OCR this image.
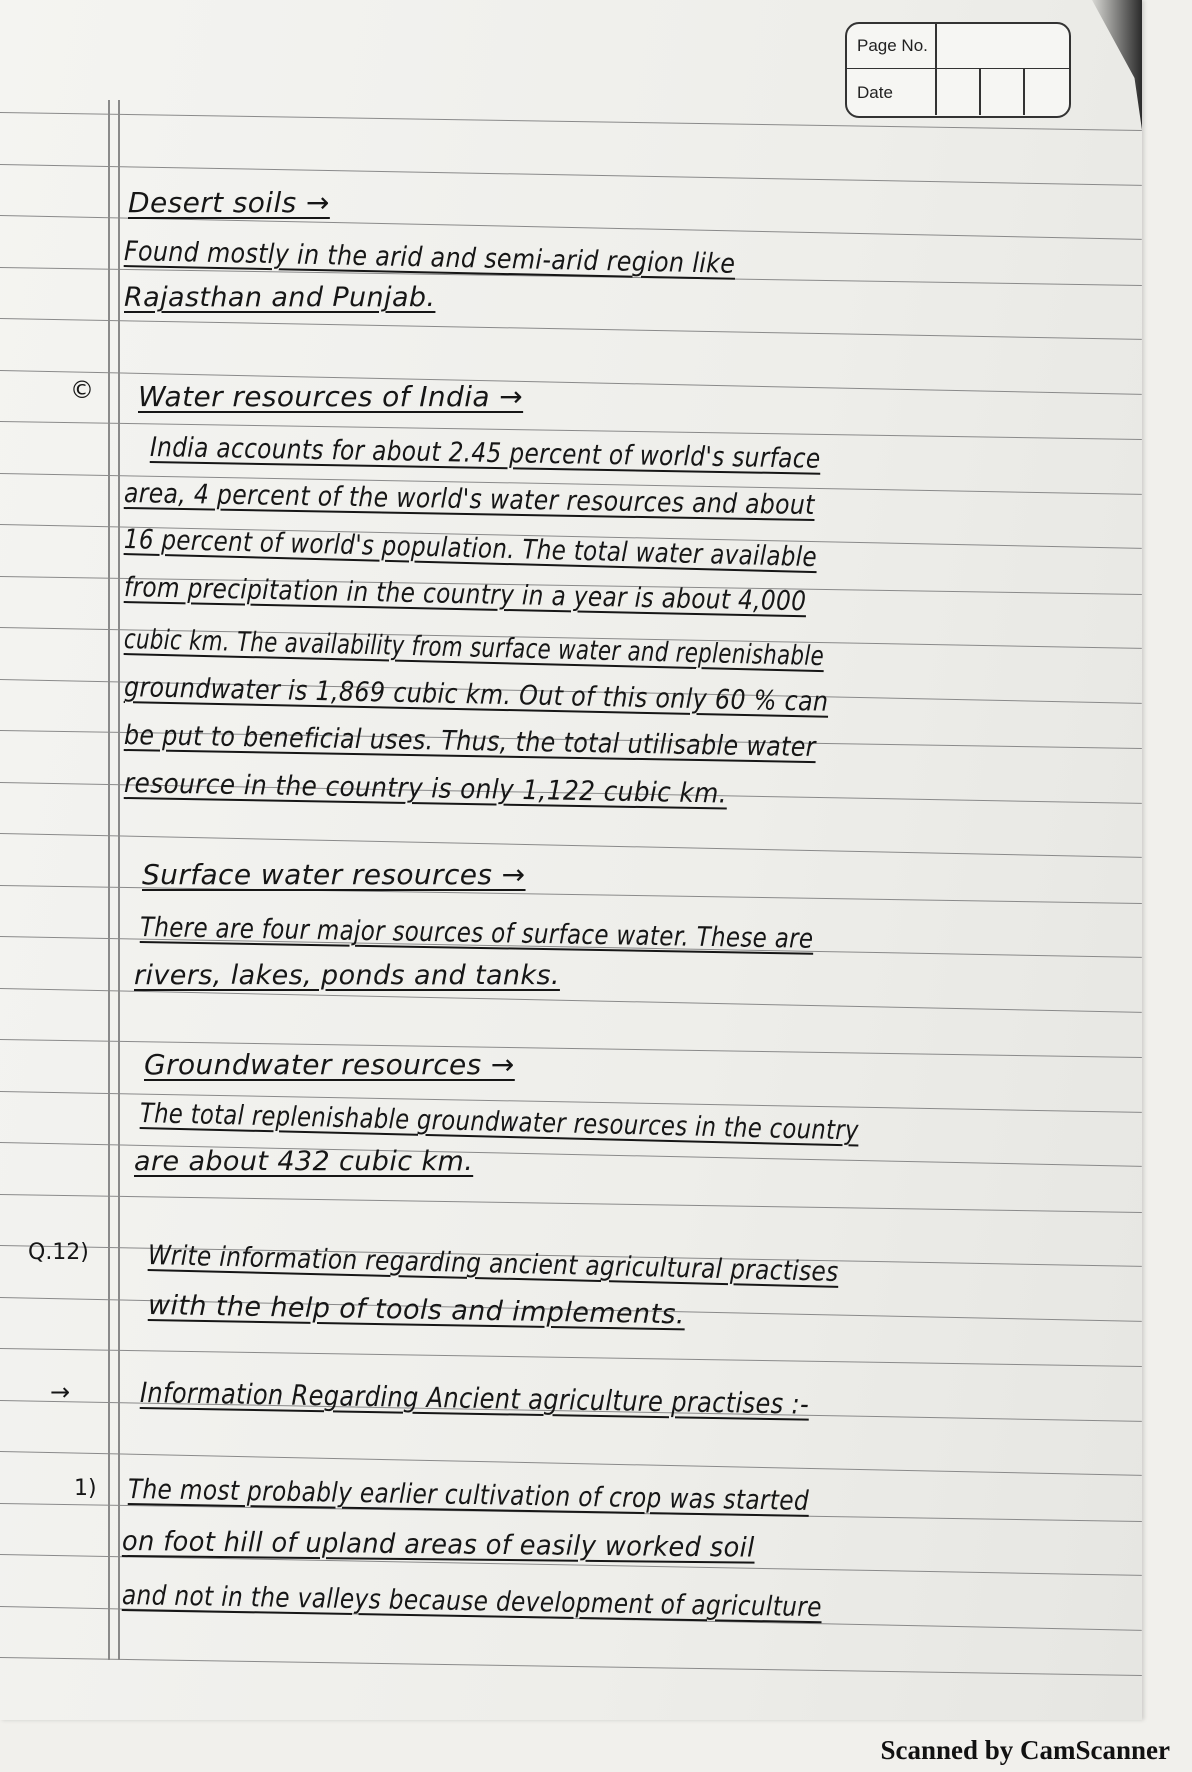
Page No.
Date
Desert soils →
Found mostly in the arid and semi-arid region like
Rajasthan and Punjab.
© Water resources of India →
India accounts for about 2.45 percent of world's surface
area, 4 percent of the world's water resources and about
16 percent of world's population. The total water available
from precipitation in the country in a year is about 4,000
cubic km. The availability from surface water and replenishable
groundwater is 1,869 cubic km. Out of this only 60 % can
be put to beneficial uses. Thus, the total utilisable water
resource in the country is only 1,122 cubic km.
Surface water resources →
There are four major sources of surface water. These are
rivers, lakes, ponds and tanks.
Groundwater resources →
The total replenishable groundwater resources in the country
are about 432 cubic km.
Q.12) Write information regarding ancient agricultural practises
with the help of tools and implements.
→ Information Regarding Ancient agriculture practises :-
1) The most probably earlier cultivation of crop was started
on foot hill of upland areas of easily worked soil
and not in the valleys because development of agriculture
Scanned by CamScanner
